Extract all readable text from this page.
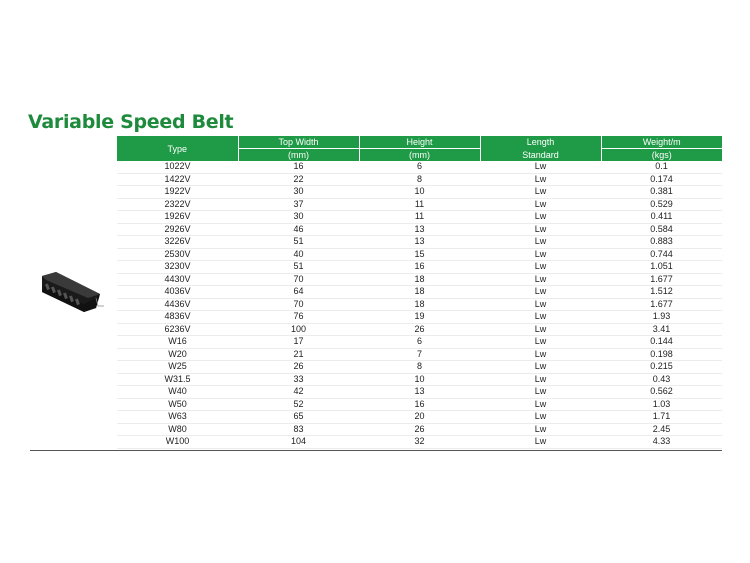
Variable Speed Belt
Type	Top Width	Height	Length	Weight/m
	(mm)	(mm)	Standard	(kgs)
1022V	16	6	Lw	0.1
1422V	22	8	Lw	0.174
1922V	30	10	Lw	0.381
2322V	37	11	Lw	0.529
1926V	30	11	Lw	0.411
2926V	46	13	Lw	0.584
3226V	51	13	Lw	0.883
2530V	40	15	Lw	0.744
3230V	51	16	Lw	1.051
4430V	70	18	Lw	1.677
4036V	64	18	Lw	1.512
4436V	70	18	Lw	1.677
4836V	76	19	Lw	1.93
6236V	100	26	Lw	3.41
W16	17	6	Lw	0.144
W20	21	7	Lw	0.198
W25	26	8	Lw	0.215
W31.5	33	10	Lw	0.43
W40	42	13	Lw	0.562
W50	52	16	Lw	1.03
W63	65	20	Lw	1.71
W80	83	26	Lw	2.45
W100	104	32	Lw	4.33
